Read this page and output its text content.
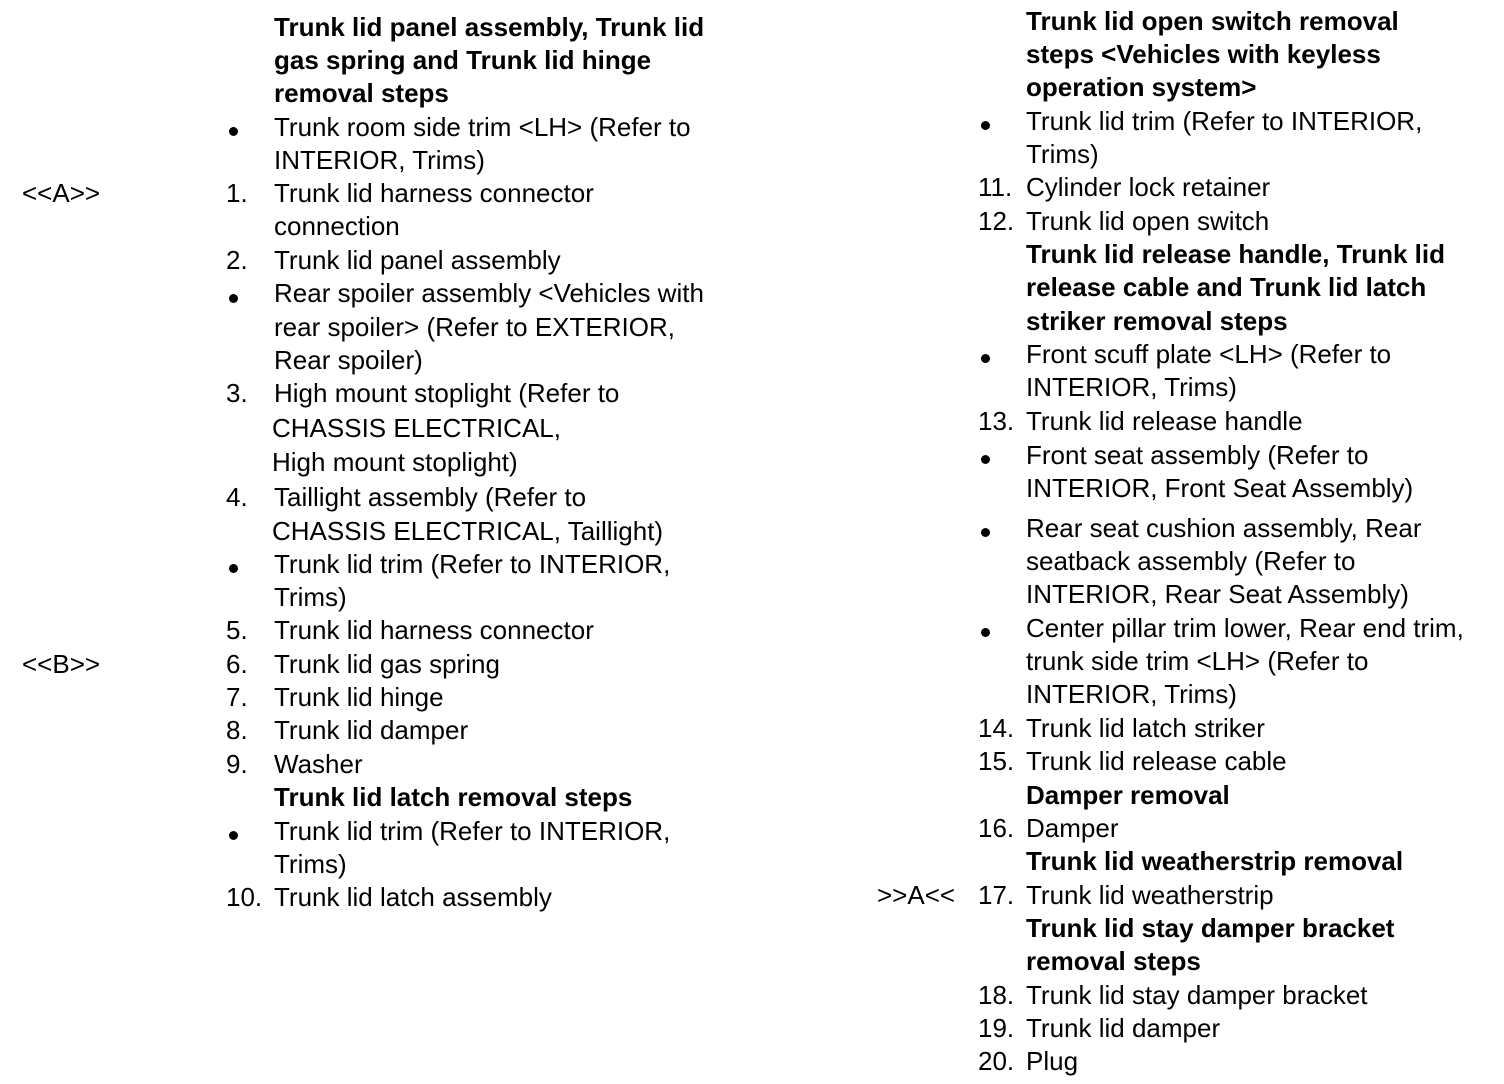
Trunk lid panel assembly, Trunk lid
gas spring and Trunk lid hinge
removal steps
Trunk room side trim <LH> (Refer to
INTERIOR, Trims)
<<A>>	1. Trunk lid harness connector
connection
2. Trunk lid panel assembly
Rear spoiler assembly <Vehicles with
rear spoiler> (Refer to EXTERIOR,
Rear spoiler)
3. High mount stoplight (Refer to
CHASSIS ELECTRICAL,
High mount stoplight)
4. Taillight assembly (Refer to
CHASSIS ELECTRICAL, Taillight)
Trunk lid trim (Refer to INTERIOR,
Trims)
5. Trunk lid harness connector
<<B>>	6. Trunk lid gas spring
7. Trunk lid hinge
8. Trunk lid damper
9. Washer
Trunk lid latch removal steps
Trunk lid trim (Refer to INTERIOR,
Trims)
10. Trunk lid latch assembly
Trunk lid open switch removal
steps <Vehicles with keyless
operation system>
Trunk lid trim (Refer to INTERIOR,
Trims)
11. Cylinder lock retainer
12. Trunk lid open switch
Trunk lid release handle, Trunk lid
release cable and Trunk lid latch
striker removal steps
Front scuff plate <LH> (Refer to
INTERIOR, Trims)
13. Trunk lid release handle
Front seat assembly (Refer to
INTERIOR, Front Seat Assembly)
Rear seat cushion assembly, Rear
seatback assembly (Refer to
INTERIOR, Rear Seat Assembly)
Center pillar trim lower, Rear end trim,
trunk side trim <LH> (Refer to
INTERIOR, Trims)
14. Trunk lid latch striker
15. Trunk lid release cable
Damper removal
16. Damper
Trunk lid weatherstrip removal
>>A<< 17. Trunk lid weatherstrip
Trunk lid stay damper bracket
removal steps
18. Trunk lid stay damper bracket
19. Trunk lid damper
20. Plug
